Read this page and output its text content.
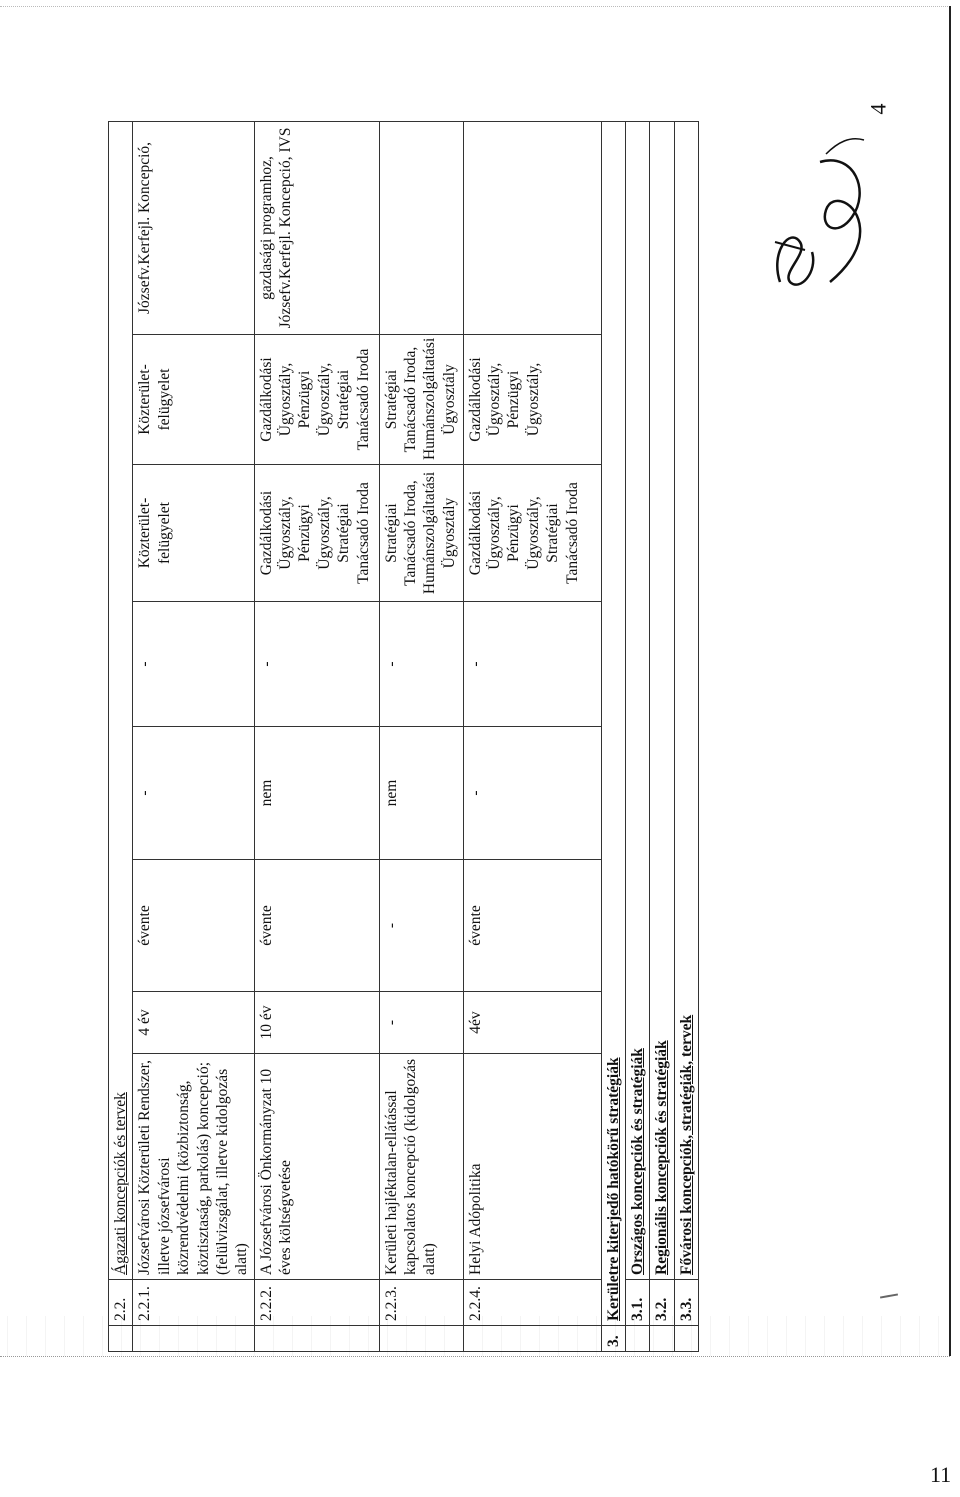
	2.2.	Ágazati koncepciók és tervek							
	2.2.1.	Józsefvárosi Közterületi Rendszer, illetve józsefvárosi közrendvédelmi (közbiztonság, köztisztaság, parkolás) koncepció; (felülvizsgálat, illetve kidolgozás alatt)	4 év	évente	-	-	Közterület-felügyelet	Közterület-felügyelet	Józsefv.Kerfejl. Koncepció,
	2.2.2.	A Józsefvárosi Önkormányzat 10 éves költségvetése	10 év	évente	nem	-	Gazdálkodási Ügyosztály, Pénzügyi Ügyosztály, Stratégiai Tanácsadó Iroda	Gazdálkodási Ügyosztály, Pénzügyi Ügyosztály, Stratégiai Tanácsadó Iroda	gazdasági programhoz, Józsefv.Kerfejl. Koncepció, IVS
	2.2.3.	Kerületi hajléktalan-ellátással kapcsolatos koncepció (kidolgozás alatt)	-	-	nem	-	Stratégiai Tanácsadó Iroda, Humánszolgáltatási Ügyosztály	Stratégiai Tanácsadó Iroda, Humánszolgáltatási Ügyosztály	
	2.2.4.	Helyi Adópolitika	4év	évente	-	-	Gazdálkodási Ügyosztály, Pénzügyi Ügyosztály, Stratégiai Tanácsadó Iroda	Gazdálkodási Ügyosztály, Pénzügyi Ügyosztály,	
3.	Kerületre kiterjedő hatókörű stratégiák								
	3.1.	Országos koncepciók és stratégiák							
	3.2.	Regionális koncepciók és stratégiák							
	3.3.	Fővárosi koncepciók, stratégiák, tervek							
4
11
